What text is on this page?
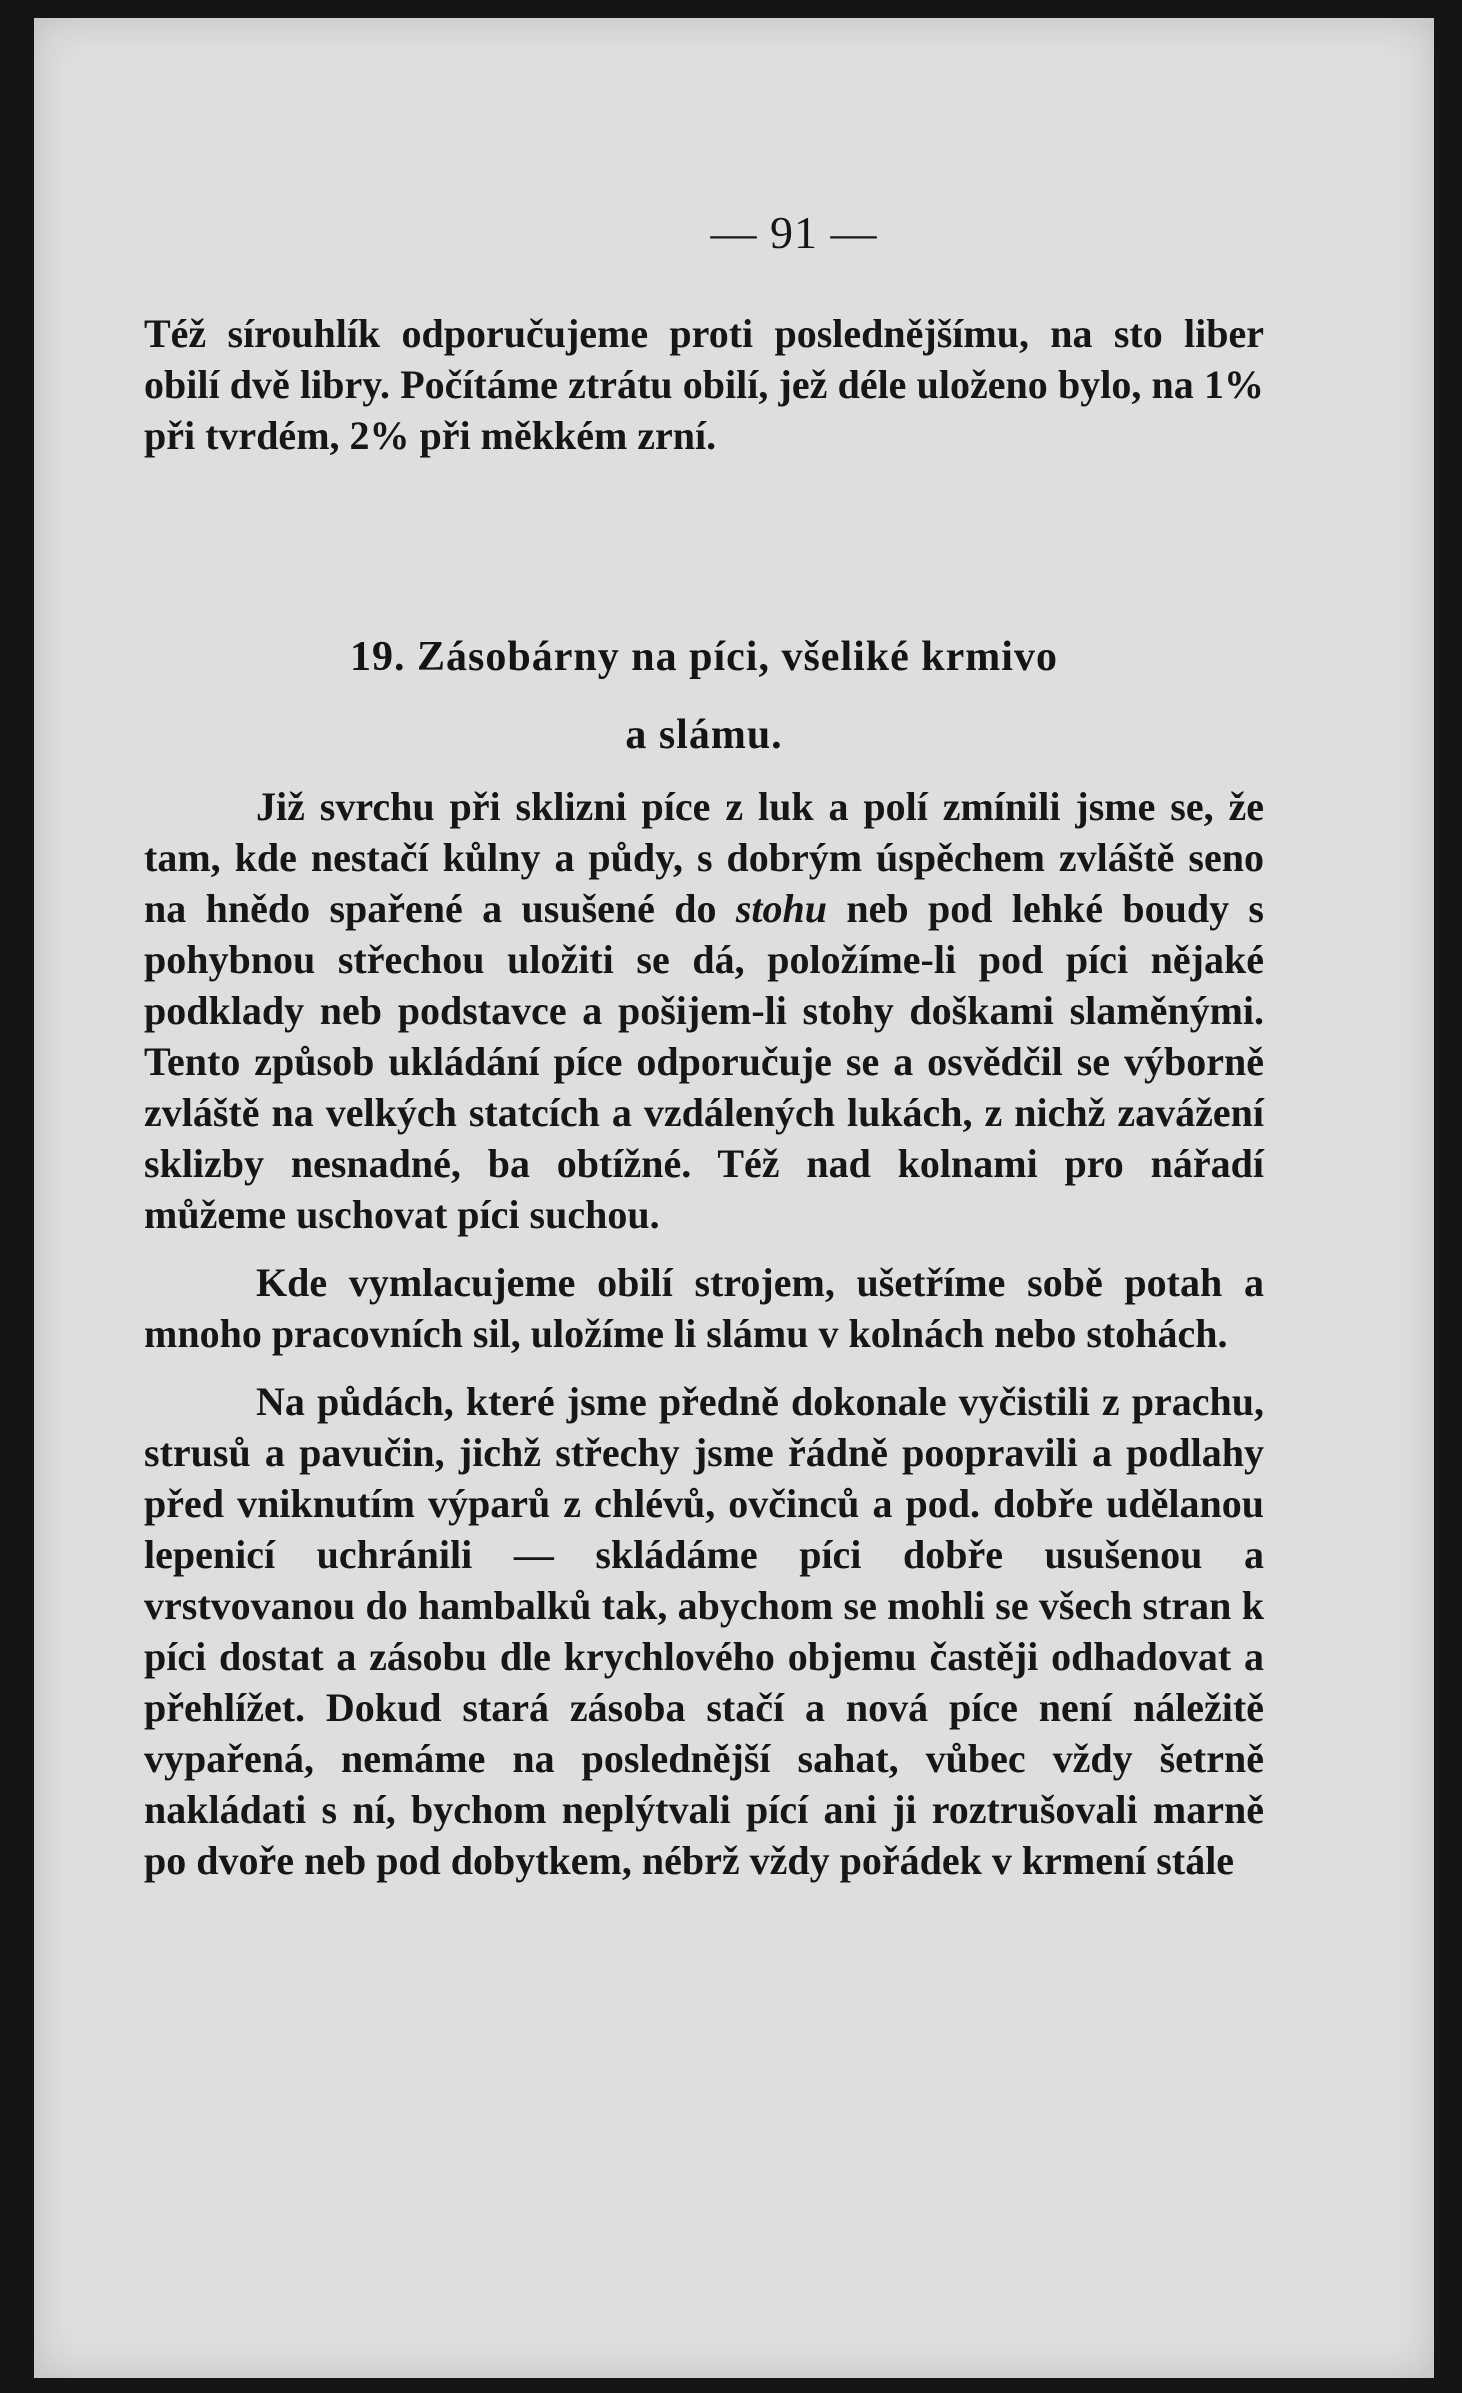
— 91 —

Též sírouhlík odporučujeme proti poslednějšímu, na sto liber obilí dvě libry. Počítáme ztrátu obilí, jež déle uloženo bylo, na 1% při tvrdém, 2% při měkkém zrní.

19. Zásobárny na píci, všeliké krmivo
a slámu.

Již svrchu při sklizni píce z luk a polí zmínili jsme se, že tam, kde nestačí kůlny a půdy, s dobrým úspěchem zvláště seno na hnědo spařené a usušené do stohu neb pod lehké boudy s pohybnou střechou uložiti se dá, položíme-li pod píci nějaké podklady neb podstavce a pošijem-li stohy doškami slaměnými. Tento způsob ukládání píce odporučuje se a osvědčil se výborně zvláště na velkých statcích a vzdálených lukách, z nichž zavážení sklizby nesnadné, ba obtížné. Též nad kolnami pro nářadí můžeme uschovat píci suchou.

Kde vymlacujeme obilí strojem, ušetříme sobě potah a mnoho pracovních sil, uložíme li slámu v kolnách nebo stohách.

Na půdách, které jsme předně dokonale vyčistili z prachu, strusů a pavučin, jichž střechy jsme řádně poopravili a podlahy před vniknutím výparů z chlévů, ovčinců a pod. dobře udělanou lepenicí uchránili — skládáme píci dobře usušenou a vrstvovanou do hambalků tak, abychom se mohli se všech stran k píci dostat a zásobu dle krychlového objemu častěji odhadovat a přehlížet. Dokud stará zásoba stačí a nová píce není náležitě vypařená, nemáme na poslednější sahat, vůbec vždy šetrně nakládati s ní, bychom neplýtvali pící ani ji roztrušovali marně po dvoře neb pod dobytkem, nébrž vždy pořádek v krmení stále
